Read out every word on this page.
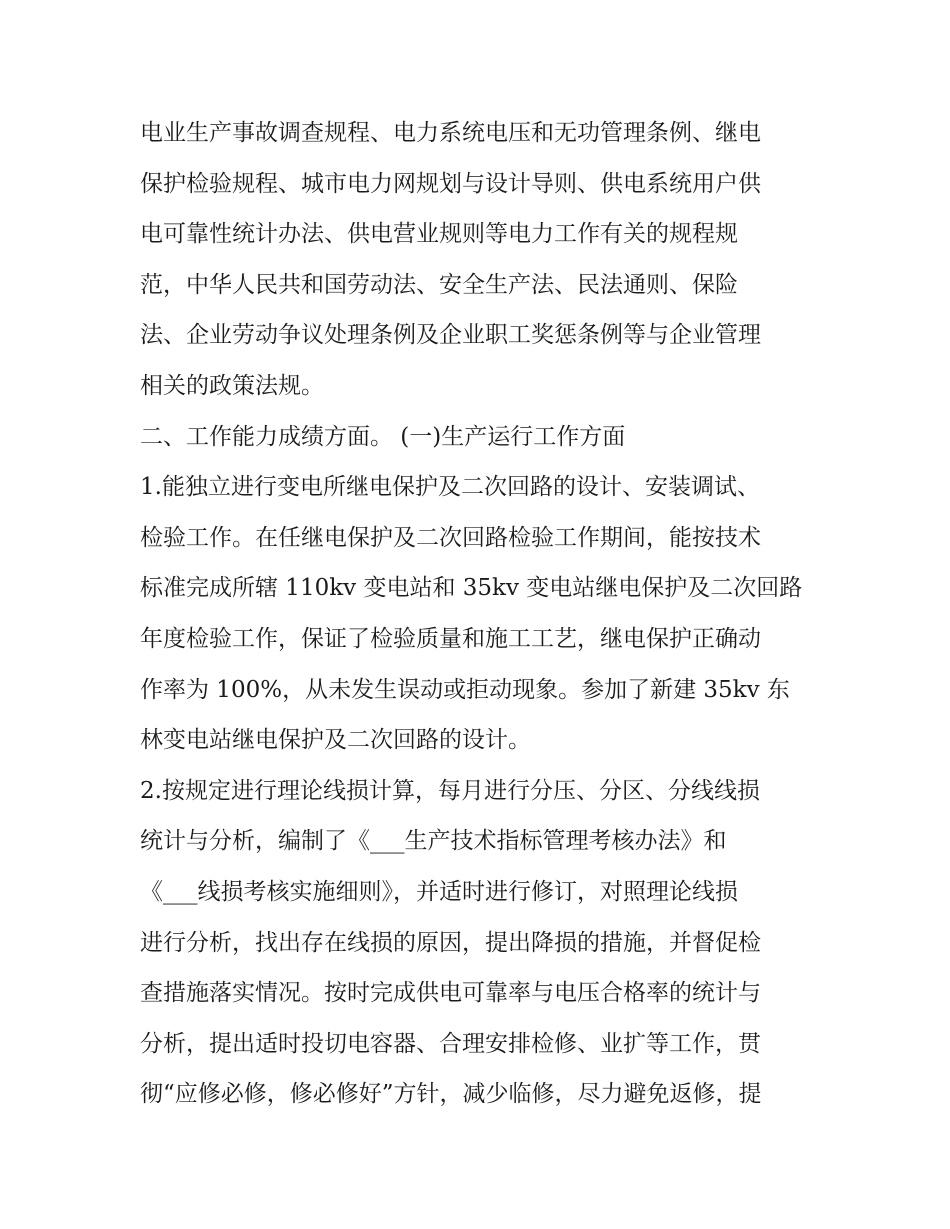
电业生产事故调查规程、电力系统电压和无功管理条例、继电
保护检验规程、城市电力网规划与设计导则、供电系统用户供
电可靠性统计办法、供电营业规则等电力工作有关的规程规
范，中华人民共和国劳动法、安全生产法、民法通则、保险
法、企业劳动争议处理条例及企业职工奖惩条例等与企业管理
相关的政策法规。
二、工作能力成绩方面。 (一)生产运行工作方面
1.能独立进行变电所继电保护及二次回路的设计、安装调试、
检验工作。在任继电保护及二次回路检验工作期间，能按技术
标准完成所辖 110kv 变电站和 35kv 变电站继电保护及二次回路
年度检验工作，保证了检验质量和施工工艺，继电保护正确动
作率为 100%，从未发生误动或拒动现象。参加了新建 35kv 东
林变电站继电保护及二次回路的设计。
2.按规定进行理论线损计算，每月进行分压、分区、分线线损
统计与分析，编制了《___生产技术指标管理考核办法》和
《___线损考核实施细则》，并适时进行修订，对照理论线损
进行分析，找出存在线损的原因，提出降损的措施，并督促检
查措施落实情况。按时完成供电可靠率与电压合格率的统计与
分析，提出适时投切电容器、合理安排检修、业扩等工作，贯
彻“应修必修，修必修好”方针，减少临修，尽力避免返修，提
